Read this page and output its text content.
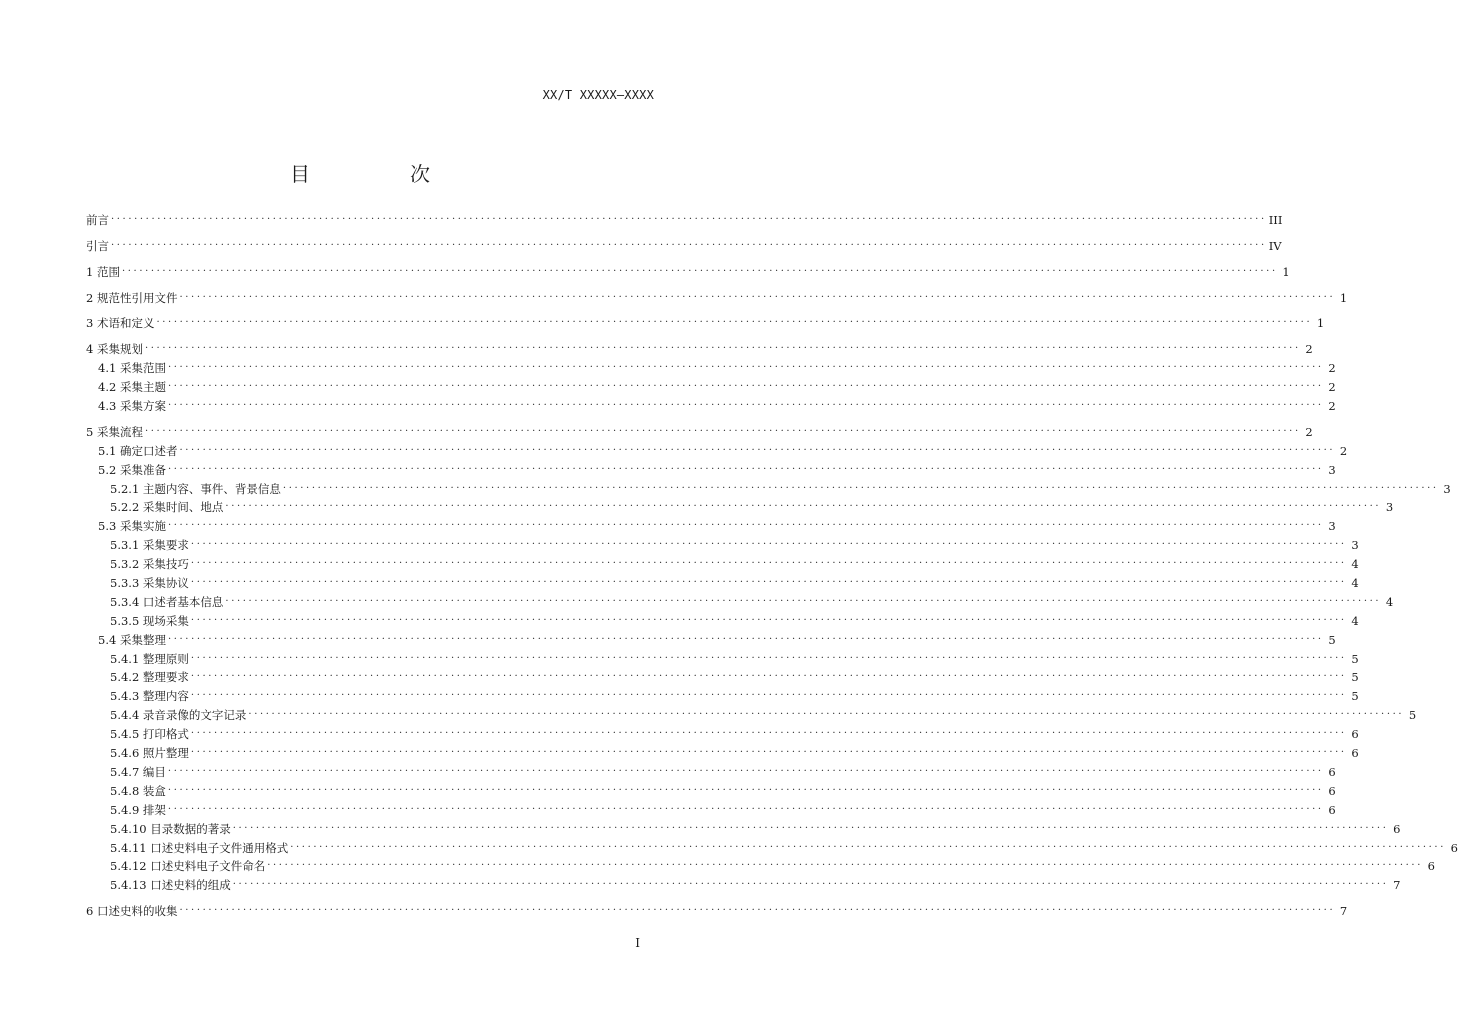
XX/T XXXXX—XXXX
目　次
前言 ········································································································································································································ III
引言 ········································································································································································································ IV
1 范围 ········································································································································································································ 1
2 规范性引用文件 ········································································································································································································ 1
3 术语和定义 ········································································································································································································ 1
4 采集规划 ········································································································································································································ 2
4.1 采集范围 ········································································································································································································ 2
4.2 采集主题 ········································································································································································································ 2
4.3 采集方案 ········································································································································································································ 2
5 采集流程 ········································································································································································································ 2
5.1 确定口述者 ········································································································································································································ 2
5.2 采集准备 ········································································································································································································ 3
5.2.1 主题内容、事件、背景信息 ········································································································································································································ 3
5.2.2 采集时间、地点 ········································································································································································································ 3
5.3 采集实施 ········································································································································································································ 3
5.3.1 采集要求 ········································································································································································································ 3
5.3.2 采集技巧 ········································································································································································································ 4
5.3.3 采集协议 ········································································································································································································ 4
5.3.4 口述者基本信息 ········································································································································································································ 4
5.3.5 现场采集 ········································································································································································································ 4
5.4 采集整理 ········································································································································································································ 5
5.4.1 整理原则 ········································································································································································································ 5
5.4.2 整理要求 ········································································································································································································ 5
5.4.3 整理内容 ········································································································································································································ 5
5.4.4 录音录像的文字记录 ········································································································································································································ 5
5.4.5 打印格式 ········································································································································································································ 6
5.4.6 照片整理 ········································································································································································································ 6
5.4.7 编目 ········································································································································································································ 6
5.4.8 装盒 ········································································································································································································ 6
5.4.9 排架 ········································································································································································································ 6
5.4.10 目录数据的著录 ········································································································································································································ 6
5.4.11 口述史料电子文件通用格式 ········································································································································································································ 6
5.4.12 口述史料电子文件命名 ········································································································································································································ 6
5.4.13 口述史料的组成 ········································································································································································································ 7
6 口述史料的收集 ········································································································································································································ 7
I
